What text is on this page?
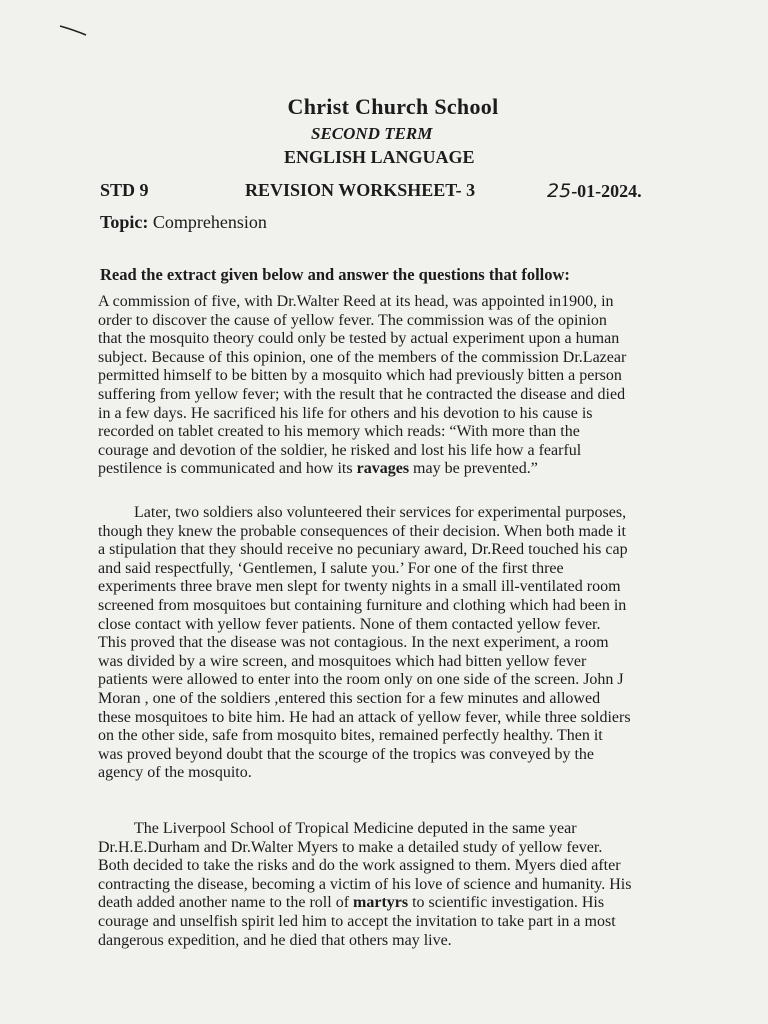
Christ Church School
SECOND TERM
ENGLISH LANGUAGE
STD 9	REVISION WORKSHEET- 3	25-01-2024.
Topic: Comprehension
Read the extract given below and answer the questions that follow:

A commission of five, with Dr.Walter Reed at its head, was appointed in1900, in
order to discover the cause of yellow fever. The commission was of the opinion
that the mosquito theory could only be tested by actual experiment upon a human
subject. Because of this opinion, one of the members of the commission Dr.Lazear
permitted himself to be bitten by a mosquito which had previously bitten a person
suffering from yellow fever; with the result that he contracted the disease and died
in a few days. He sacrificed his life for others and his devotion to his cause is
recorded on tablet created to his memory which reads: “With more than the
courage and devotion of the soldier, he risked and lost his life how a fearful
pestilence is communicated and how its ravages may be prevented.”

Later, two soldiers also volunteered their services for experimental purposes,
though they knew the probable consequences of their decision. When both made it
a stipulation that they should receive no pecuniary award, Dr.Reed touched his cap
and said respectfully, ‘Gentlemen, I salute you.’ For one of the first three
experiments three brave men slept for twenty nights in a small ill-ventilated room
screened from mosquitoes but containing furniture and clothing which had been in
close contact with yellow fever patients. None of them contacted yellow fever.
This proved that the disease was not contagious. In the next experiment, a room
was divided by a wire screen, and mosquitoes which had bitten yellow fever
patients were allowed to enter into the room only on one side of the screen. John J
Moran , one of the soldiers ,entered this section for a few minutes and allowed
these mosquitoes to bite him. He had an attack of yellow fever, while three soldiers
on the other side, safe from mosquito bites, remained perfectly healthy. Then it
was proved beyond doubt that the scourge of the tropics was conveyed by the
agency of the mosquito.

The Liverpool School of Tropical Medicine deputed in the same year
Dr.H.E.Durham and Dr.Walter Myers to make a detailed study of yellow fever.
Both decided to take the risks and do the work assigned to them. Myers died after
contracting the disease, becoming a victim of his love of science and humanity. His
death added another name to the roll of martyrs to scientific investigation. His
courage and unselfish spirit led him to accept the invitation to take part in a most
dangerous expedition, and he died that others may live.
